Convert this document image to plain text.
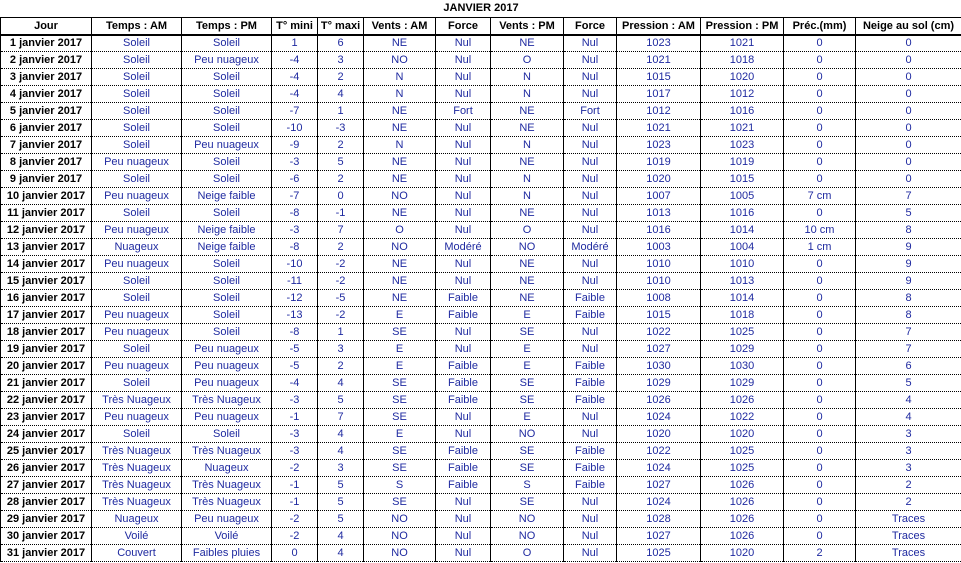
JANVIER 2017
Jour	Temps : AM	Temps : PM	T° mini	T° maxi	Vents : AM	Force	Vents : PM	Force	Pression : AM	Pression : PM	Préc.(mm)	Neige au sol (cm)
1 janvier 2017	Soleil	Soleil	1	6	NE	Nul	NE	Nul	1023	1021	0	0
2 janvier 2017	Soleil	Peu nuageux	-4	3	NO	Nul	O	Nul	1021	1018	0	0
3 janvier 2017	Soleil	Soleil	-4	2	N	Nul	N	Nul	1015	1020	0	0
4 janvier 2017	Soleil	Soleil	-4	4	N	Nul	N	Nul	1017	1012	0	0
5 janvier 2017	Soleil	Soleil	-7	1	NE	Fort	NE	Fort	1012	1016	0	0
6 janvier 2017	Soleil	Soleil	-10	-3	NE	Nul	NE	Nul	1021	1021	0	0
7 janvier 2017	Soleil	Peu nuageux	-9	2	N	Nul	N	Nul	1023	1023	0	0
8 janvier 2017	Peu nuageux	Soleil	-3	5	NE	Nul	NE	Nul	1019	1019	0	0
9 janvier 2017	Soleil	Soleil	-6	2	NE	Nul	N	Nul	1020	1015	0	0
10 janvier 2017	Peu nuageux	Neige faible	-7	0	NO	Nul	N	Nul	1007	1005	7 cm	7
11 janvier 2017	Soleil	Soleil	-8	-1	NE	Nul	NE	Nul	1013	1016	0	5
12 janvier 2017	Peu nuageux	Neige faible	-3	7	O	Nul	O	Nul	1016	1014	10 cm	8
13 janvier 2017	Nuageux	Neige faible	-8	2	NO	Modéré	NO	Modéré	1003	1004	1 cm	9
14 janvier 2017	Peu nuageux	Soleil	-10	-2	NE	Nul	NE	Nul	1010	1010	0	9
15 janvier 2017	Soleil	Soleil	-11	-2	NE	Nul	NE	Nul	1010	1013	0	9
16 janvier 2017	Soleil	Soleil	-12	-5	NE	Faible	NE	Faible	1008	1014	0	8
17 janvier 2017	Peu nuageux	Soleil	-13	-2	E	Faible	E	Faible	1015	1018	0	8
18 janvier 2017	Peu nuageux	Soleil	-8	1	SE	Nul	SE	Nul	1022	1025	0	7
19 janvier 2017	Soleil	Peu nuageux	-5	3	E	Nul	E	Nul	1027	1029	0	7
20 janvier 2017	Peu nuageux	Peu nuageux	-5	2	E	Faible	E	Faible	1030	1030	0	6
21 janvier 2017	Soleil	Peu nuageux	-4	4	SE	Faible	SE	Faible	1029	1029	0	5
22 janvier 2017	Très Nuageux	Très Nuageux	-3	5	SE	Faible	SE	Faible	1026	1026	0	4
23 janvier 2017	Peu nuageux	Peu nuageux	-1	7	SE	Nul	E	Nul	1024	1022	0	4
24 janvier 2017	Soleil	Soleil	-3	4	E	Nul	NO	Nul	1020	1020	0	3
25 janvier 2017	Très Nuageux	Très Nuageux	-3	4	SE	Faible	SE	Faible	1022	1025	0	3
26 janvier 2017	Très Nuageux	Nuageux	-2	3	SE	Faible	SE	Faible	1024	1025	0	3
27 janvier 2017	Très Nuageux	Très Nuageux	-1	5	S	Faible	S	Faible	1027	1026	0	2
28 janvier 2017	Très Nuageux	Très Nuageux	-1	5	SE	Nul	SE	Nul	1024	1026	0	2
29 janvier 2017	Nuageux	Peu nuageux	-2	5	NO	Nul	NO	Nul	1028	1026	0	Traces
30 janvier 2017	Voilé	Voilé	-2	4	NO	Nul	NO	Nul	1027	1026	0	Traces
31 janvier 2017	Couvert	Faibles pluies	0	4	NO	Nul	O	Nul	1025	1020	2	Traces
